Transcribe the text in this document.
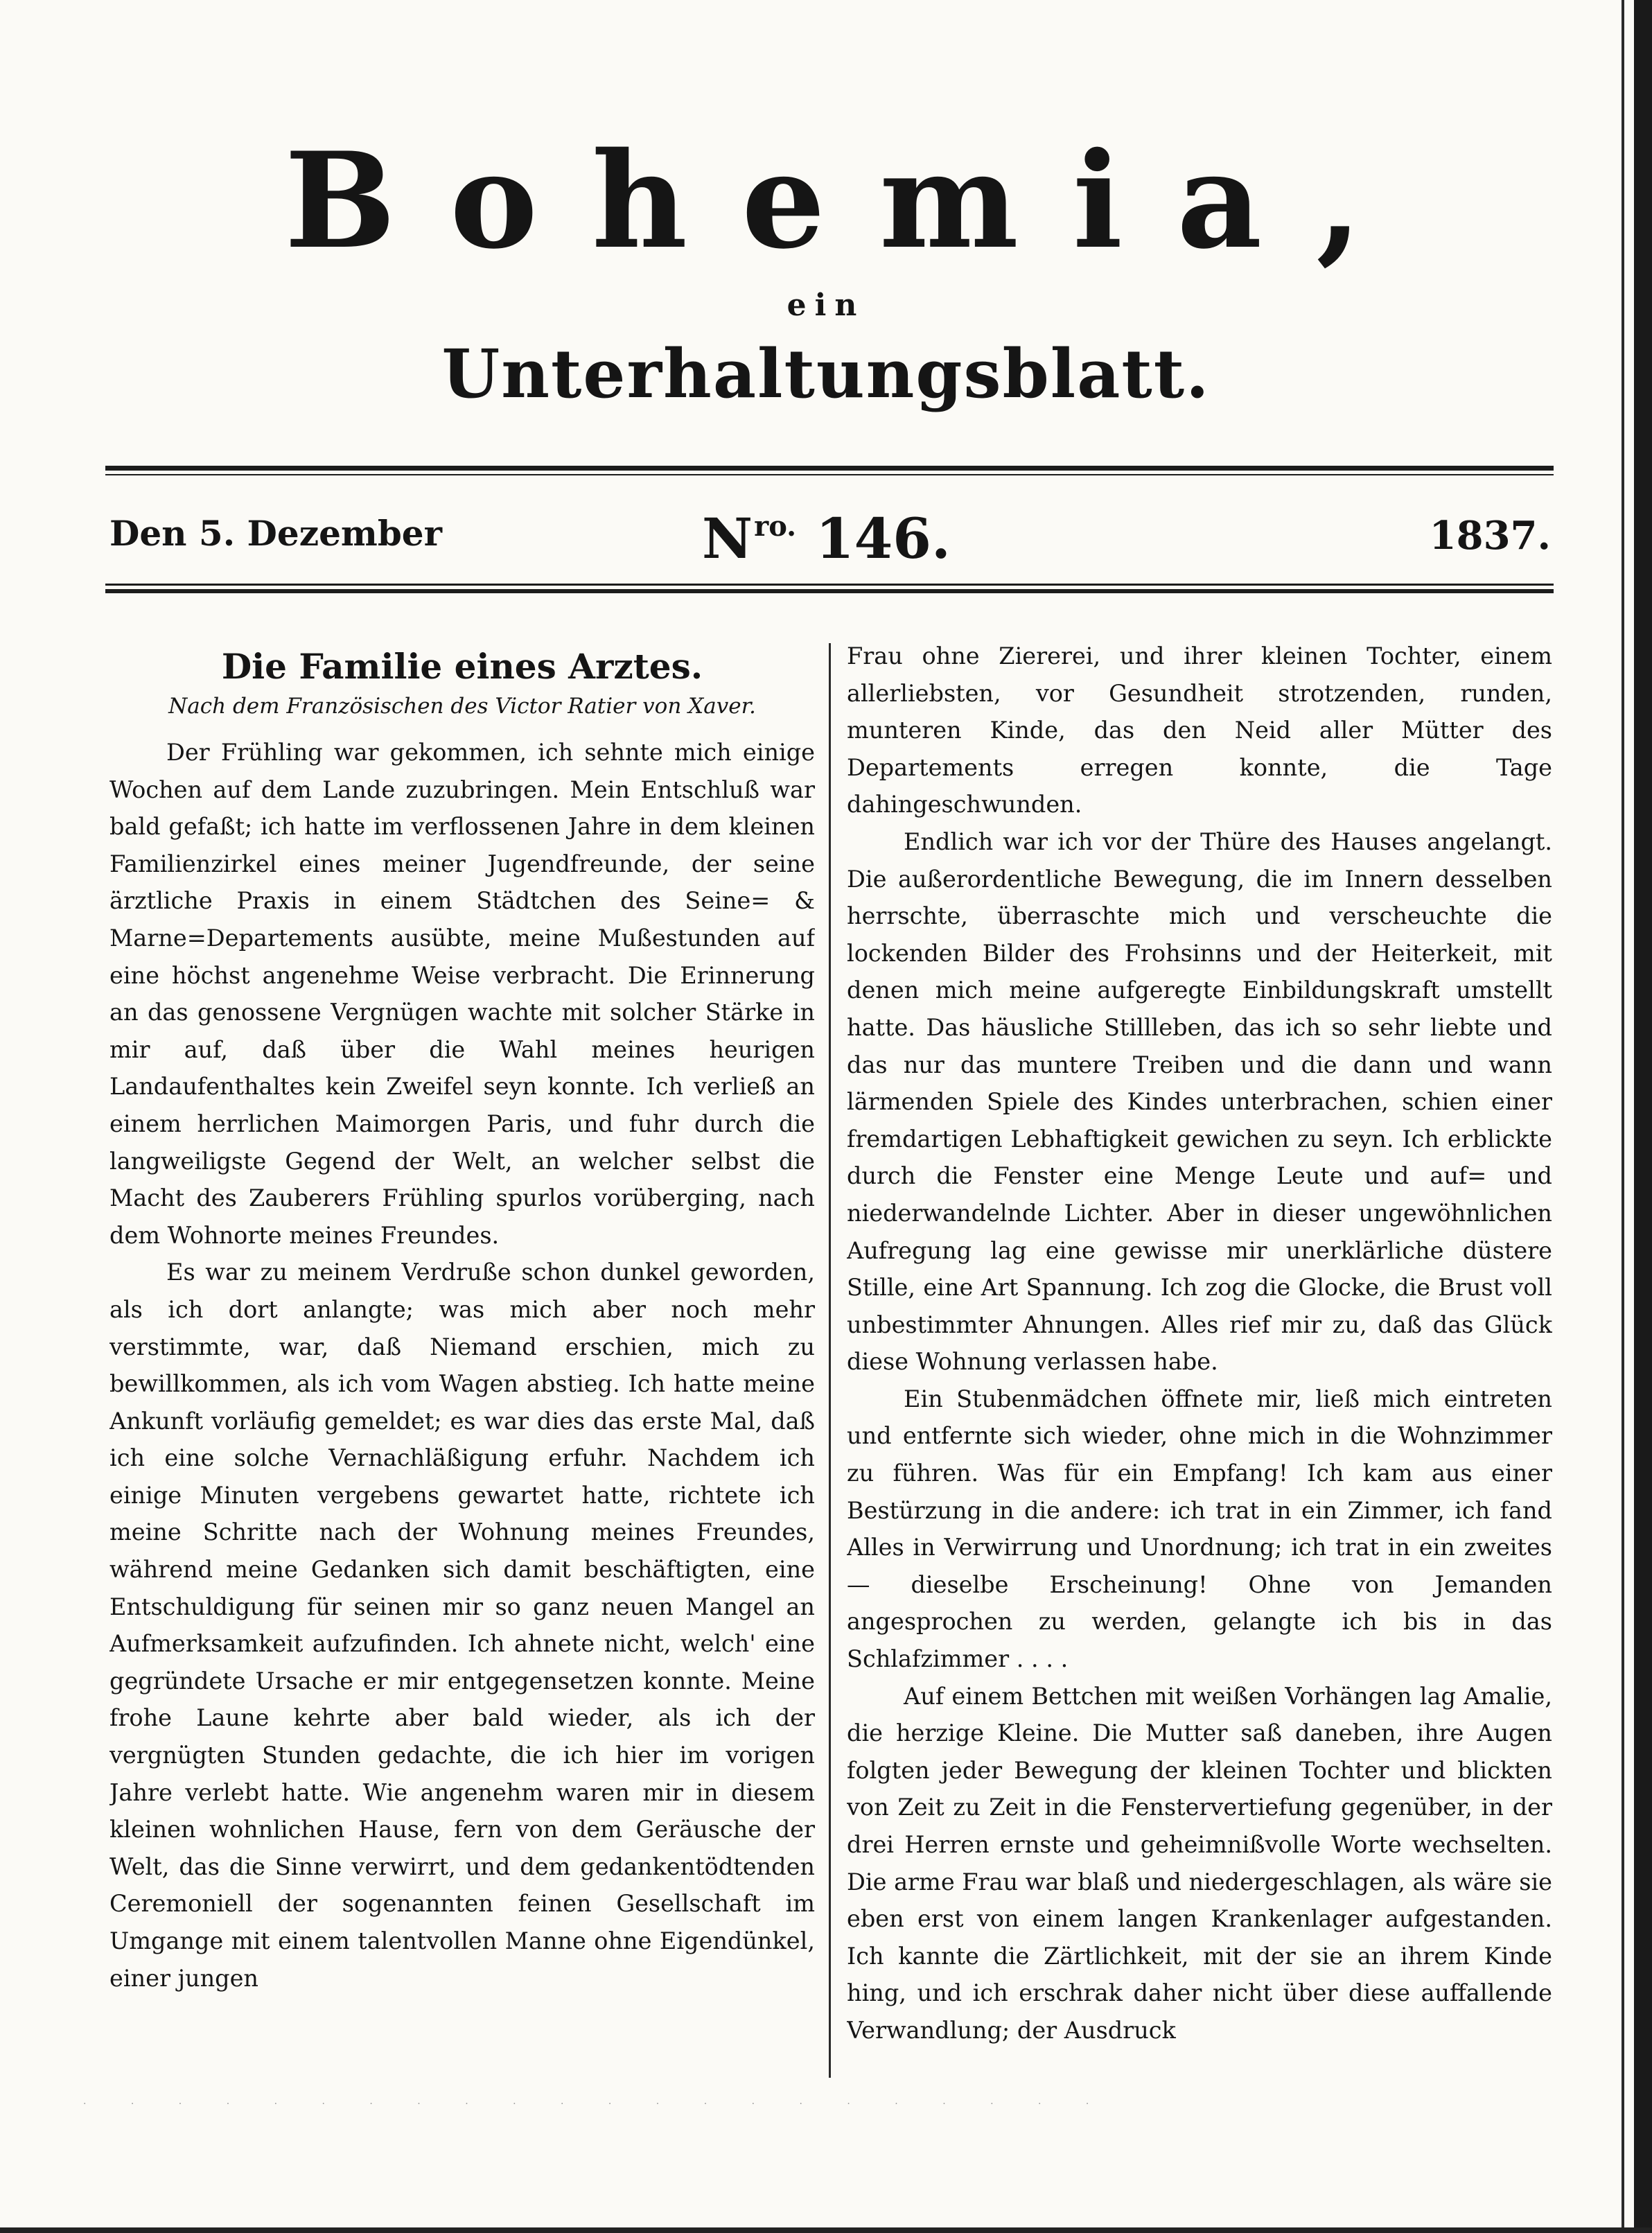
Bohemia,
ein
Unterhaltungsblatt.
Den 5. Dezember	$N^{ro.}$ 146.	1837.
Die Familie eines Arztes.
Nach dem Französischen des Victor Ratier von Xaver.

Der Frühling war gekommen, ich sehnte mich einige Wochen auf dem Lande zuzubringen. Mein Entschluß war bald gefaßt; ich hatte im verflossenen Jahre in dem kleinen Familienzirkel eines meiner Jugendfreunde, der seine ärztliche Praxis in einem Städtchen des Seine= & Marne=Departements ausübte, meine Mußestunden auf eine höchst angenehme Weise verbracht. Die Erinnerung an das genossene Vergnügen wachte mit solcher Stärke in mir auf, daß über die Wahl meines heurigen Landaufenthaltes kein Zweifel seyn konnte. Ich verließ an einem herrlichen Maimorgen Paris, und fuhr durch die langweiligste Gegend der Welt, an welcher selbst die Macht des Zauberers Frühling spurlos vorüberging, nach dem Wohnorte meines Freundes.

Es war zu meinem Verdruße schon dunkel geworden, als ich dort anlangte; was mich aber noch mehr verstimmte, war, daß Niemand erschien, mich zu bewillkommen, als ich vom Wagen abstieg. Ich hatte meine Ankunft vorläufig gemeldet; es war dies das erste Mal, daß ich eine solche Vernachläßigung erfuhr. Nachdem ich einige Minuten vergebens gewartet hatte, richtete ich meine Schritte nach der Wohnung meines Freundes, während meine Gedanken sich damit beschäftigten, eine Entschuldigung für seinen mir so ganz neuen Mangel an Aufmerksamkeit aufzufinden. Ich ahnete nicht, welch' eine gegründete Ursache er mir entgegensetzen konnte. Meine frohe Laune kehrte aber bald wieder, als ich der vergnügten Stunden gedachte, die ich hier im vorigen Jahre verlebt hatte. Wie angenehm waren mir in diesem kleinen wohnlichen Hause, fern von dem Geräusche der Welt, das die Sinne verwirrt, und dem gedankentödtenden Ceremoniell der sogenannten feinen Gesellschaft im Umgange mit einem talentvollen Manne ohne Eigendünkel, einer jungen

Frau ohne Ziererei, und ihrer kleinen Tochter, einem allerliebsten, vor Gesundheit strotzenden, runden, munteren Kinde, das den Neid aller Mütter des Departements erregen konnte, die Tage dahingeschwunden.

Endlich war ich vor der Thüre des Hauses angelangt. Die außerordentliche Bewegung, die im Innern desselben herrschte, überraschte mich und verscheuchte die lockenden Bilder des Frohsinns und der Heiterkeit, mit denen mich meine aufgeregte Einbildungskraft umstellt hatte. Das häusliche Stillleben, das ich so sehr liebte und das nur das muntere Treiben und die dann und wann lärmenden Spiele des Kindes unterbrachen, schien einer fremdartigen Lebhaftigkeit gewichen zu seyn. Ich erblickte durch die Fenster eine Menge Leute und auf= und niederwandelnde Lichter. Aber in dieser ungewöhnlichen Aufregung lag eine gewisse mir unerklärliche düstere Stille, eine Art Spannung. Ich zog die Glocke, die Brust voll unbestimmter Ahnungen. Alles rief mir zu, daß das Glück diese Wohnung verlassen habe.

Ein Stubenmädchen öffnete mir, ließ mich eintreten und entfernte sich wieder, ohne mich in die Wohnzimmer zu führen. Was für ein Empfang! Ich kam aus einer Bestürzung in die andere: ich trat in ein Zimmer, ich fand Alles in Verwirrung und Unordnung; ich trat in ein zweites — dieselbe Erscheinung! Ohne von Jemanden angesprochen zu werden, gelangte ich bis in das Schlafzimmer . . . .

Auf einem Bettchen mit weißen Vorhängen lag Amalie, die herzige Kleine. Die Mutter saß daneben, ihre Augen folgten jeder Bewegung der kleinen Tochter und blickten von Zeit zu Zeit in die Fenstervertiefung gegenüber, in der drei Herren ernste und geheimnißvolle Worte wechselten. Die arme Frau war blaß und niedergeschlagen, als wäre sie eben erst von einem langen Krankenlager aufgestanden. Ich kannte die Zärtlichkeit, mit der sie an ihrem Kinde hing, und ich erschrak daher nicht über diese auffallende Verwandlung; der Ausdruck

· · · · · · · · · · · · · · · · · · · · · ·
